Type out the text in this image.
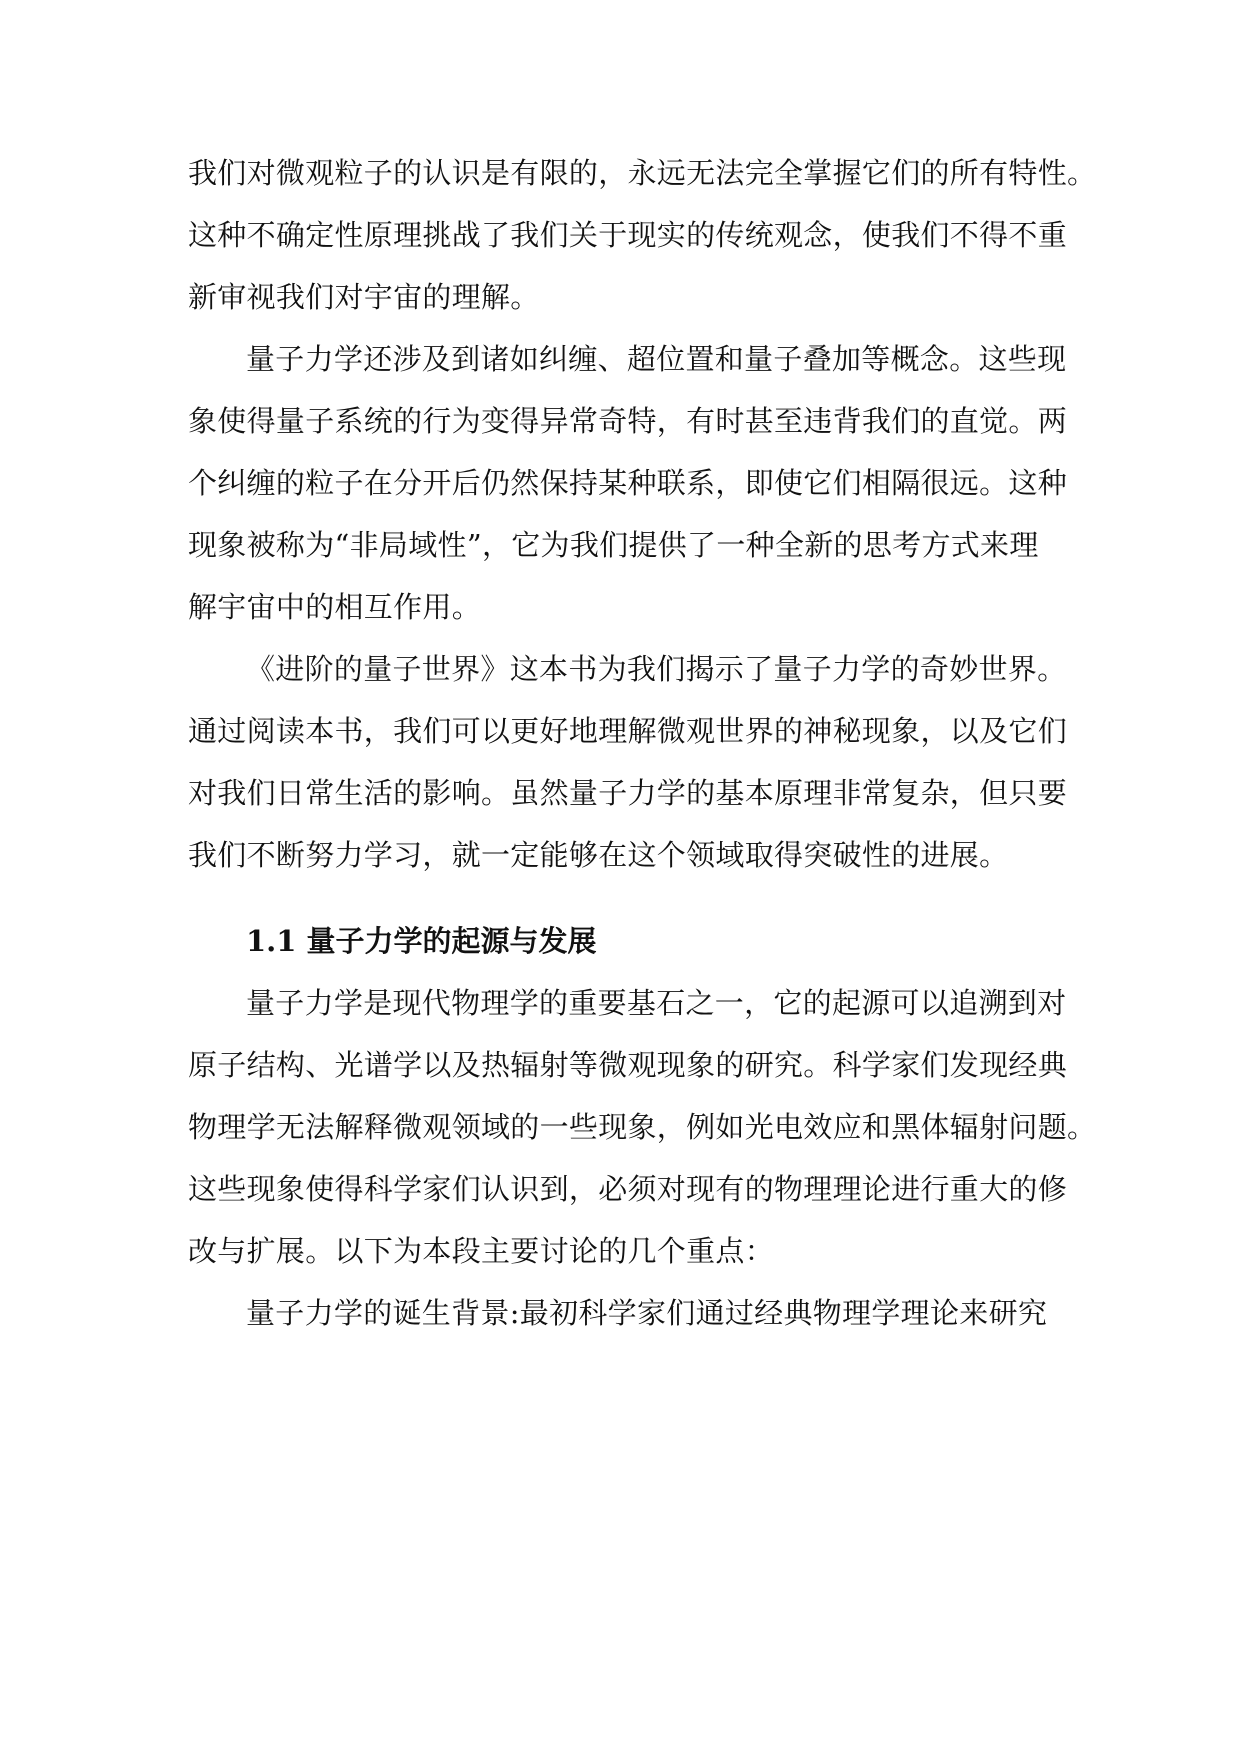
我们对微观粒子的认识是有限的，永远无法完全掌握它们的所有特性。
这种不确定性原理挑战了我们关于现实的传统观念，使我们不得不重
新审视我们对宇宙的理解。
量子力学还涉及到诸如纠缠、超位置和量子叠加等概念。这些现
象使得量子系统的行为变得异常奇特，有时甚至违背我们的直觉。两
个纠缠的粒子在分开后仍然保持某种联系，即使它们相隔很远。这种
现象被称为“非局域性”，它为我们提供了一种全新的思考方式来理
解宇宙中的相互作用。
《进阶的量子世界》这本书为我们揭示了量子力学的奇妙世界。
通过阅读本书，我们可以更好地理解微观世界的神秘现象，以及它们
对我们日常生活的影响。虽然量子力学的基本原理非常复杂，但只要
我们不断努力学习，就一定能够在这个领域取得突破性的进展。
1.1 量子力学的起源与发展
量子力学是现代物理学的重要基石之一，它的起源可以追溯到对
原子结构、光谱学以及热辐射等微观现象的研究。科学家们发现经典
物理学无法解释微观领域的一些现象，例如光电效应和黑体辐射问题。
这些现象使得科学家们认识到，必须对现有的物理理论进行重大的修
改与扩展。以下为本段主要讨论的几个重点：
量子力学的诞生背景:最初科学家们通过经典物理学理论来研究
